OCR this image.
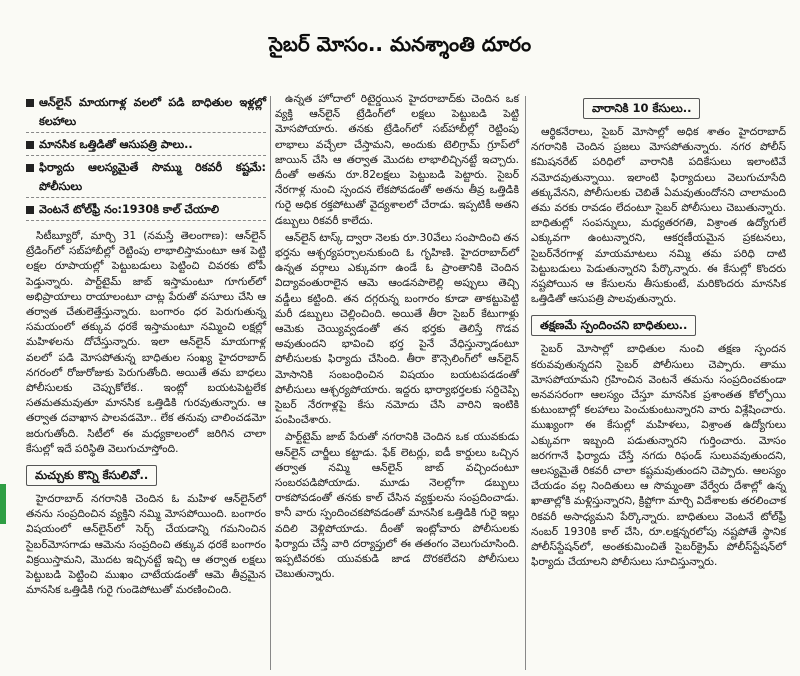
సైబర్ మోసం.. మనశ్శాంతి దూరం
ఆన్‌లైన్ మాయగాళ్ల వలలో పడి బాధితుల ఇళ్లల్లో కలహాలు
మానసిక ఒత్తిడితో ఆసుపత్రి పాలు..
ఫిర్యాదు ఆలస్యమైతే సొమ్ము రికవరీ కష్టమే: పోలీసులు
వెంటనే టోల్‌ఫ్రీ నం:1930కి కాల్ చేయాలి

సిటీబ్యూరో, మార్చి 31 (నమస్తే తెలంగాణ): ఆన్‌లైన్ ట్రేడింగ్‌లో సబ్‌హాబీల్లో రెట్టింపు లాభాలిస్తామంటూ ఆశ పెట్టి లక్షల రూపాయల్లో పెట్టుబడులు పెట్టించి చివరకు టోపీ పెడ్తున్నారు. పార్ట్‌టైమ్ జాబ్ ఇస్తామంటూ గూగుల్‌లో అభిప్రాయాలు రాయాలంటూ చాట్ల పేరుతో వసూలు చేసి ఆ తర్వాత చేతులెత్తేస్తున్నారు. బంగారం ధర పెరుగుతున్న సమయంలో తక్కువ ధరకే ఇస్తామంటూ నమ్మించి లక్షల్లో మహిళలను దోచేస్తున్నారు. ఇలా ఆన్‌లైన్ మాయగాళ్ల వలలో పడి మోసపోతున్న బాధితుల సంఖ్య హైదరాబాద్ నగరంలో రోజురోజుకు పెరుగుతోంది. అయితే తమ బాధలు పోలీసులకు చెప్పుకోలేక.. ఇంట్లో బయటపెట్టలేక సతమతమవుతూ మానసిక ఒత్తిడికి గురవుతున్నారు. ఆ తర్వాత దవాఖాన పాలవడమో.. లేక తనువు చాలించడమో జరుగుతోంది. సిటీలో ఈ మధ్యకాలంలో జరిగిన చాలా కేసుల్లో ఇదే పరిస్థితి వెలుగుచూస్తోంది.

మచ్చుకు కొన్ని కేసులివో..

హైదరాబాద్ నగరానికి చెందిన ఓ మహిళ ఆన్‌లైన్‌లో తనను సంప్రదించిన వ్యక్తిని నమ్మి మోసపోయింది. బంగారం విషయంలో ఆన్‌లైన్‌లో సెర్చ్ చేయడాన్ని గమనించిన సైబర్‌మోసగాడు ఆమెను సంప్రదించి తక్కువ ధరకే బంగారం విక్రయిస్తామని, మొదట ఇచ్చినట్టే ఇచ్చి ఆ తర్వాత లక్షలు పెట్టుబడి పెట్టించి ముఖం చాటేయడంతో ఆమె తీవ్రమైన మానసిక ఒత్తిడికి గురై గుండెపోటుతో మరణించింది.

ఉన్నత హోదాలో రిటైర్డయిన హైదరాబాద్‌కు చెందిన ఒక వ్యక్తి ఆన్‌లైన్ ట్రేడింగ్‌లో లక్షలు పెట్టుబడి పెట్టి మోసపోయారు. తనకు ట్రేడింగ్‌లో సబ్‌హాబీల్లో రెట్టింపు లాభాలు వచ్చేలా చేస్తామని, అందుకు టెలిగ్రామ్ గ్రూప్‌లో జాయిన్ చేసి ఆ తర్వాత మొదట లాభాలిచ్చినట్టే ఇచ్చారు. దీంతో అతను రూ.82లక్షలు పెట్టుబడి పెట్టారు. సైబర్ నేరగాళ్ల నుంచి స్పందన లేకపోవడంతో అతను తీవ్ర ఒత్తిడికి గురై అధిక రక్తపోటుతో వైద్యశాలలో చేరాడు. ఇప్పటికీ అతని డబ్బులు రికవరీ కాలేదు.

ఆన్‌లైన్ టాస్క్ ద్వారా నెలకు రూ.30వేలు సంపాదించి తన భర్తను ఆశ్చర్యపర్చాలనుకుంది ఓ గృహిణి. హైదరాబాద్‌లో ఉన్నత వర్గాలు ఎక్కువగా ఉండే ఓ ప్రాంతానికి చెందిన విద్యావంతురాలైన ఆమె ఆండనపాలెల్లి అప్పులు తెచ్చి వడ్డీలు కట్టింది. తన దగ్గరున్న బంగారం కూడా తాకట్టుపెట్టి మరీ డబ్బులు చెల్లించింది. అయితే తీరా సైబర్ కేటుగాళ్లు ఆమెకు చెయ్యివ్వడంతో తన భర్తకు తెలిస్తే గొడవ అవుతుందని భావించి భర్త పైనే వేధిస్తున్నాడంటూ పోలీసులకు ఫిర్యాదు చేసింది. తీరా కౌన్సెలింగ్‌లో ఆన్‌లైన్ మోసానికి సంబంధించిన విషయం బయటపడడంతో పోలీసులు ఆశ్చర్యపోయారు. ఇద్దరు భార్యాభర్తలకు సర్దిచెప్పి సైబర్ నేరగాళ్లపై కేసు నమోదు చేసి వారిని ఇంటికి పంపించేశారు.

పార్ట్‌టైమ్ జాబ్ పేరుతో నగరానికి చెందిన ఒక యువకుడు ఆన్‌లైన్ చార్జీలు కట్టాడు. ఫేక్ లెటర్లు, ఐడీ కార్డులు ఒచ్చిన తర్వాత నమ్మి ఆన్‌లైన్ జాబ్ వచ్చిందంటూ సంబరపడిపోయాడు. మూడు నెలల్లోగా డబ్బులు రాకపోవడంతో తనకు కాల్ చేసిన వ్యక్తులను సంప్రదించాడు. కానీ వారు స్పందించకపోవడంతో మానసిక ఒత్తిడికి గురై ఇల్లు వదిలి వెళ్లిపోయాడు. దీంతో ఇంట్లోవారు పోలీసులకు ఫిర్యాదు చేస్తే వారి దర్యాప్తులో ఈ తతంగం వెలుగుచూసింది. ఇప్పటివరకు యువకుడి జాడ దొరకలేదని పోలీసులు చెబుతున్నారు.

వారానికి 10 కేసులు..

ఆర్థికనేరాలు, సైబర్ మోసాల్లో అధిక శాతం హైదరాబాద్ నగరానికి చెందిన ప్రజలు మోసపోతున్నారు. నగర పోలీస్ కమిషనరేట్ పరిధిలో వారానికి పదికేసులు ఇలాంటివే నమోదవుతున్నాయి. ఇలాంటి ఫిర్యాదులు వెలుగుచూసేది తక్కువేనని, పోలీసులకు చెబితే ఏమవుతుందోనని చాలామంది తమ వరకు రావడం లేదంటూ సైబర్ పోలీసులు చెబుతున్నారు. బాధితుల్లో సంపన్నులు, మధ్యతరగతి, విశ్రాంత ఉద్యోగులే ఎక్కువగా ఉంటున్నారని, ఆకర్షణీయమైన ప్రకటనలు, సైబర్‌నేరగాళ్ల మాయమాటలు నమ్మి తమ పరిధి దాటి పెట్టుబడులు పెడుతున్నారని పేర్కొన్నారు. ఈ కేసుల్లో కొందరు నష్టపోయిన ఆ కేసులను తీసుకుంటే, మరికొందరు మానసిక ఒత్తిడితో ఆసుపత్రి పాలవుతున్నారు.

తక్షణమే స్పందించని బాధితులు..

సైబర్ మోసాల్లో బాధితుల నుంచి తక్షణ స్పందన కరువవుతున్నదని సైబర్ పోలీసులు చెప్పారు. తాము మోసపోయామని గ్రహించిన వెంటనే తమను సంప్రదించకుండా అనవసరంగా ఆలస్యం చేస్తూ మానసిక ప్రశాంతత కోల్పోయి కుటుంబాల్లో కలహాలు పెంచుకుంటున్నారని వారు విశ్లేషించారు. ముఖ్యంగా ఈ కేసుల్లో మహిళలు, విశ్రాంత ఉద్యోగులు ఎక్కువగా ఇబ్బంది పడుతున్నారని గుర్తించారు. మోసం జరగగానే ఫిర్యాదు చేస్తే నగదు రిఫండ్ సులువవుతుందని, ఆలస్యమైతే రికవరీ చాలా కష్టమవుతుందని చెప్పారు. ఆలస్యం చేయడం వల్ల నిందితులు ఆ సొమ్మంతా వేర్వేరు దేశాల్లో ఉన్న ఖాతాల్లోకి మళ్లిస్తున్నారని, క్రిప్టోగా మార్చి విదేశాలకు తరలించాక రికవరీ అసాధ్యమని పేర్కొన్నారు. బాధితులు వెంటనే టోల్‌ఫ్రీ నంబర్ 1930కి కాల్ చేసి, రూ.లక్షన్నరలోపు నష్టపోతే స్థానిక పోలీస్‌స్టేషన్‌లో, అంతకుమించితే సైబర్‌క్రైమ్ పోలీస్‌స్టేషన్‌లో ఫిర్యాదు చేయాలని పోలీసులు సూచిస్తున్నారు.
